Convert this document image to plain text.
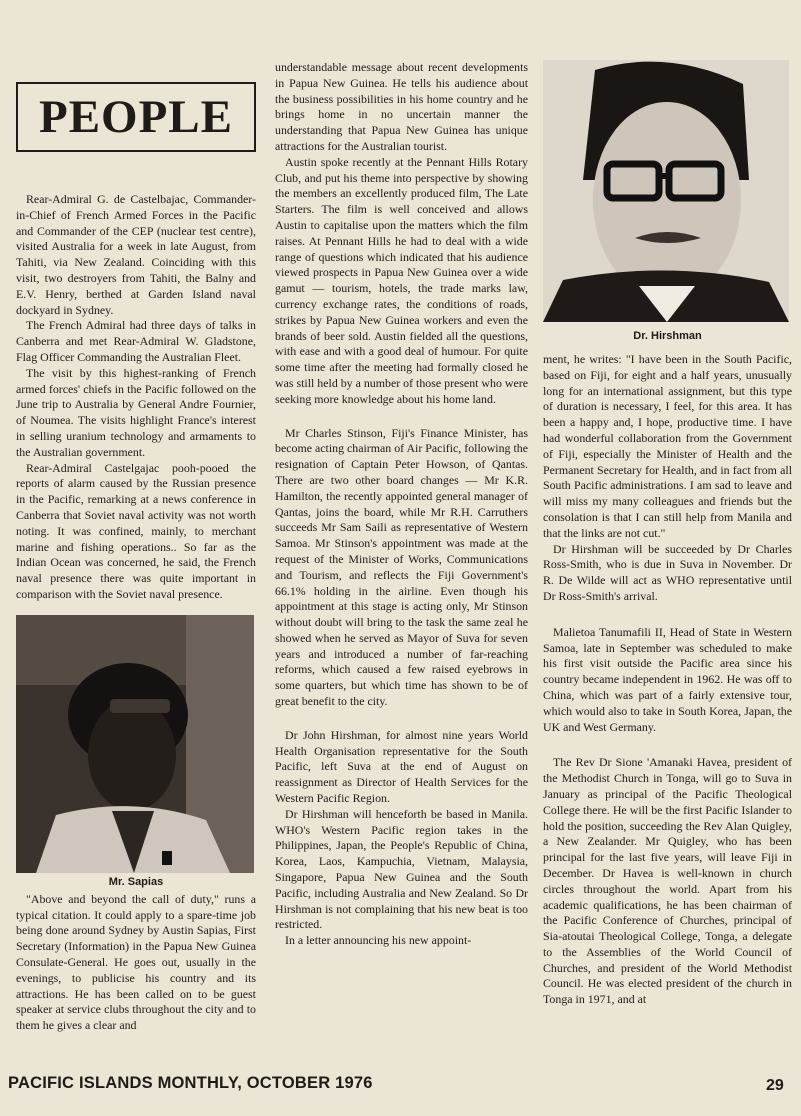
PEOPLE

Rear-Admiral G. de Castelbajac, Commander-in-Chief of French Armed Forces in the Pacific and Commander of the CEP (nuclear test centre), visited Australia for a week in late August, from Tahiti, via New Zealand. Coinciding with this visit, two destroyers from Tahiti, the Balny and E.V. Henry, berthed at Garden Island naval dockyard in Sydney.

The French Admiral had three days of talks in Canberra and met Rear-Admiral W. Gladstone, Flag Officer Commanding the Australian Fleet.

The visit by this highest-ranking of French armed forces' chiefs in the Pacific followed on the June trip to Australia by General Andre Fournier, of Noumea. The visits highlight France's interest in selling uranium technology and armaments to the Australian government.

Rear-Admiral Castelgajac pooh-pooed the reports of alarm caused by the Russian presence in the Pacific, remarking at a news conference in Canberra that Soviet naval activity was not worth noting. It was confined, mainly, to merchant marine and fishing operations.. So far as the Indian Ocean was concerned, he said, the French naval presence there was quite important in comparison with the Soviet naval presence.

Mr. Sapias

"Above and beyond the call of duty," runs a typical citation. It could apply to a spare-time job being done around Sydney by Austin Sapias, First Secretary (Information) in the Papua New Guinea Consulate-General. He goes out, usually in the evenings, to publicise his country and its attractions. He has been called on to be guest speaker at service clubs throughout the city and to them he gives a clear and

understandable message about recent developments in Papua New Guinea. He tells his audience about the business possibilities in his home country and he brings home in no uncertain manner the understanding that Papua New Guinea has unique attractions for the Australian tourist.

Austin spoke recently at the Pennant Hills Rotary Club, and put his theme into perspective by showing the members an excellently produced film, The Late Starters. The film is well conceived and allows Austin to capitalise upon the matters which the film raises. At Pennant Hills he had to deal with a wide range of questions which indicated that his audience viewed prospects in Papua New Guinea over a wide gamut — tourism, hotels, the trade marks law, currency exchange rates, the conditions of roads, strikes by Papua New Guinea workers and even the brands of beer sold. Austin fielded all the questions, with ease and with a good deal of humour. For quite some time after the meeting had formally closed he was still held by a number of those present who were seeking more knowledge about his home land.

Mr Charles Stinson, Fiji's Finance Minister, has become acting chairman of Air Pacific, following the resignation of Captain Peter Howson, of Qantas. There are two other board changes — Mr K.R. Hamilton, the recently appointed general manager of Qantas, joins the board, while Mr R.H. Carruthers succeeds Mr Sam Saili as representative of Western Samoa. Mr Stinson's appointment was made at the request of the Minister of Works, Communications and Tourism, and reflects the Fiji Government's 66.1% holding in the airline. Even though his appointment at this stage is acting only, Mr Stinson without doubt will bring to the task the same zeal he showed when he served as Mayor of Suva for seven years and introduced a number of far-reaching reforms, which caused a few raised eyebrows in some quarters, but which time has shown to be of great benefit to the city.

Dr John Hirshman, for almost nine years World Health Organisation representative for the South Pacific, left Suva at the end of August on reassignment as Director of Health Services for the Western Pacific Region.

Dr Hirshman will henceforth be based in Manila. WHO's Western Pacific region takes in the Philippines, Japan, the People's Republic of China, Korea, Laos, Kampuchia, Vietnam, Malaysia, Singapore, Papua New Guinea and the South Pacific, including Australia and New Zealand. So Dr Hirshman is not complaining that his new beat is too restricted.

In a letter announcing his new appoint-

Dr. Hirshman

ment, he writes: "I have been in the South Pacific, based on Fiji, for eight and a half years, unusually long for an international assignment, but this type of duration is necessary, I feel, for this area. It has been a happy and, I hope, productive time. I have had wonderful collaboration from the Government of Fiji, especially the Minister of Health and the Permanent Secretary for Health, and in fact from all South Pacific administrations. I am sad to leave and will miss my many colleagues and friends but the consolation is that I can still help from Manila and that the links are not cut."

Dr Hirshman will be succeeded by Dr Charles Ross-Smith, who is due in Suva in November. Dr R. De Wilde will act as WHO representative until Dr Ross-Smith's arrival.

Malietoa Tanumafili II, Head of State in Western Samoa, late in September was scheduled to make his first visit outside the Pacific area since his country became independent in 1962. He was off to China, which was part of a fairly extensive tour, which would also to take in South Korea, Japan, the UK and West Germany.

The Rev Dr Sione 'Amanaki Havea, president of the Methodist Church in Tonga, will go to Suva in January as principal of the Pacific Theological College there. He will be the first Pacific Islander to hold the position, succeeding the Rev Alan Quigley, a New Zealander. Mr Quigley, who has been principal for the last five years, will leave Fiji in December. Dr Havea is well-known in church circles throughout the world. Apart from his academic qualifications, he has been chairman of the Pacific Conference of Churches, principal of Sia-atoutai Theological College, Tonga, a delegate to the Assemblies of the World Council of Churches, and president of the World Methodist Council. He was elected president of the church in Tonga in 1971, and at

PACIFIC ISLANDS MONTHLY, OCTOBER 1976	29
